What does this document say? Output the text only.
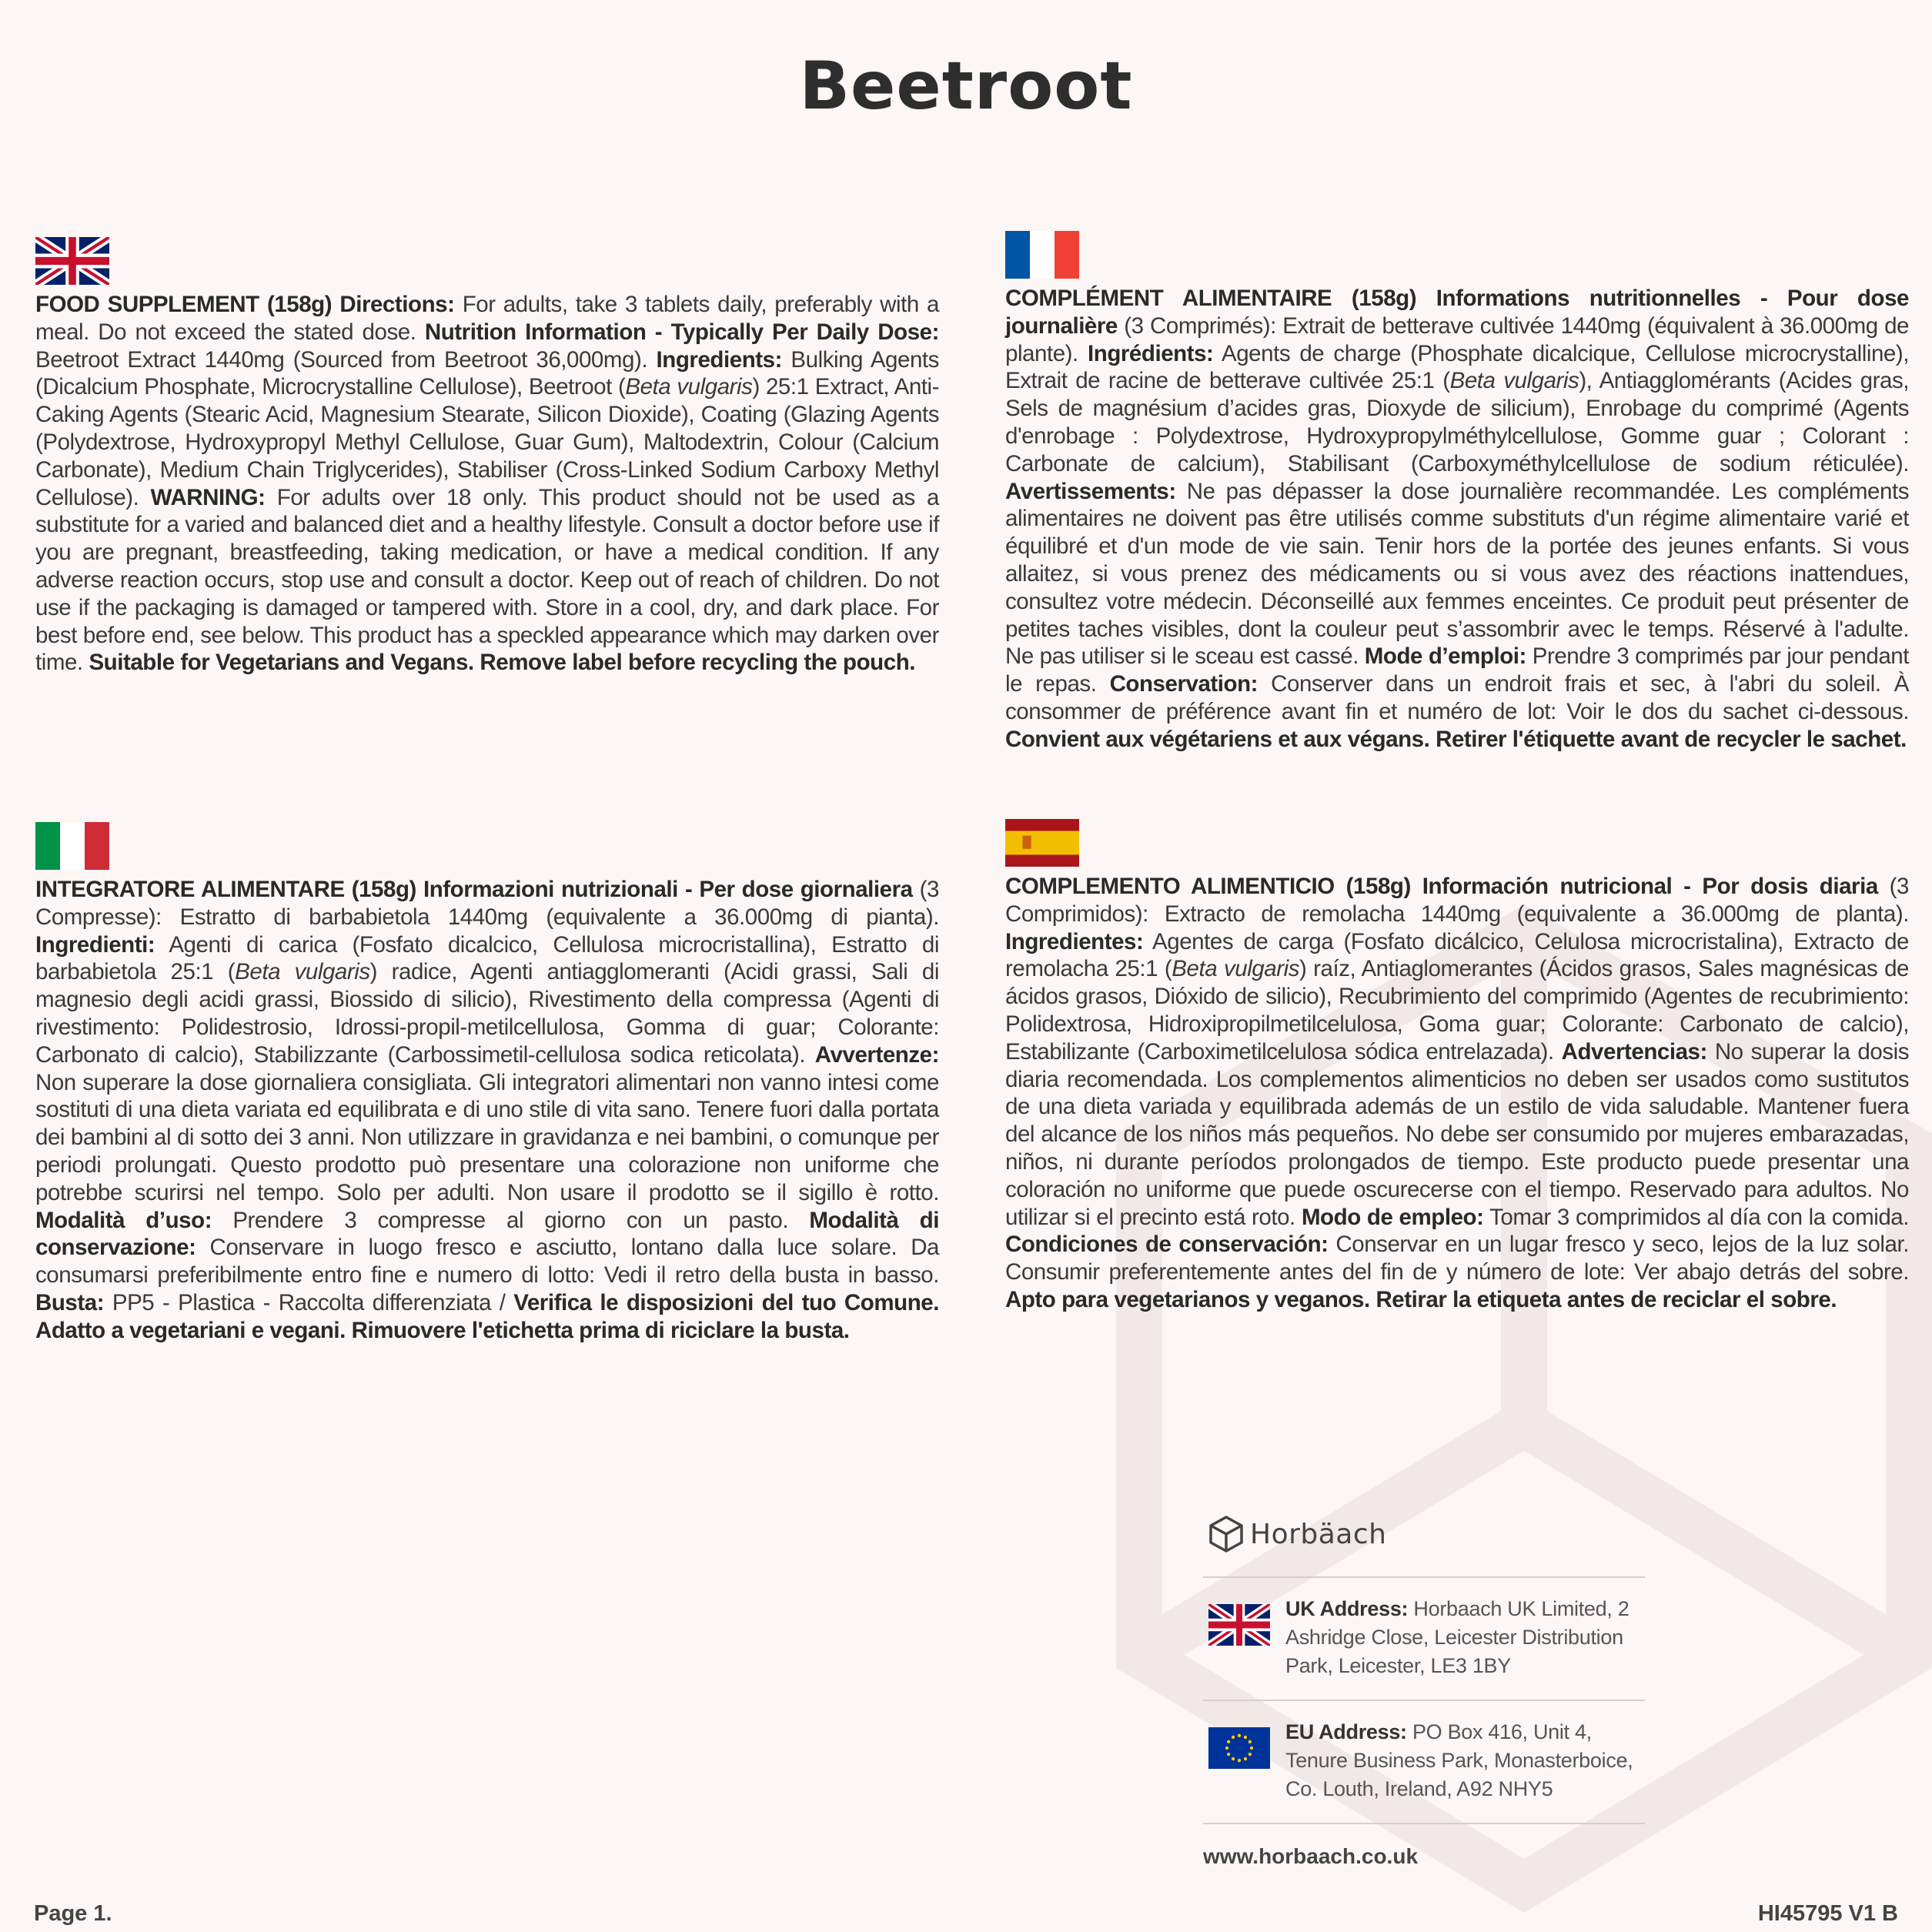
Beetroot

FOOD SUPPLEMENT (158g) Directions: For adults, take 3 tablets daily, preferably with a meal. Do not exceed the stated dose. Nutrition Information - Typically Per Daily Dose: Beetroot Extract 1440mg (Sourced from Beetroot 36,000mg). Ingredients: Bulking Agents (Dicalcium Phosphate, Microcrystalline Cellulose), Beetroot (Beta vulgaris) 25:1 Extract, Anti-Caking Agents (Stearic Acid, Magnesium Stearate, Silicon Dioxide), Coating (Glazing Agents (Polydextrose, Hydroxypropyl Methyl Cellulose, Guar Gum), Maltodextrin, Colour (Calcium Carbonate), Medium Chain Triglycerides), Stabiliser (Cross-Linked Sodium Carboxy Methyl Cellulose). WARNING: For adults over 18 only. This product should not be used as a substitute for a varied and balanced diet and a healthy lifestyle. Consult a doctor before use if you are pregnant, breastfeeding, taking medication, or have a medical condition. If any adverse reaction occurs, stop use and consult a doctor. Keep out of reach of children. Do not use if the packaging is damaged or tampered with. Store in a cool, dry, and dark place. For best before end, see below. This product has a speckled appearance which may darken over time. Suitable for Vegetarians and Vegans. Remove label before recycling the pouch.

COMPLÉMENT ALIMENTAIRE (158g) Informations nutritionnelles - Pour dose journalière (3 Comprimés): Extrait de betterave cultivée 1440mg (équivalent à 36.000mg de plante). Ingrédients: Agents de charge (Phosphate dicalcique, Cellulose microcrystalline), Extrait de racine de betterave cultivée 25:1 (Beta vulgaris), Antiagglomérants (Acides gras, Sels de magnésium d’acides gras, Dioxyde de silicium), Enrobage du comprimé (Agents d'enrobage : Polydextrose, Hydroxypropylméthylcellulose, Gomme guar ; Colorant : Carbonate de calcium), Stabilisant (Carboxyméthylcellulose de sodium réticulée). Avertissements: Ne pas dépasser la dose journalière recommandée. Les compléments alimentaires ne doivent pas être utilisés comme substituts d'un régime alimentaire varié et équilibré et d'un mode de vie sain. Tenir hors de la portée des jeunes enfants. Si vous allaitez, si vous prenez des médicaments ou si vous avez des réactions inattendues, consultez votre médecin. Déconseillé aux femmes enceintes. Ce produit peut présenter de petites taches visibles, dont la couleur peut s’assombrir avec le temps. Réservé à l'adulte. Ne pas utiliser si le sceau est cassé. Mode d’emploi: Prendre 3 comprimés par jour pendant le repas. Conservation: Conserver dans un endroit frais et sec, à l'abri du soleil. À consommer de préférence avant fin et numéro de lot: Voir le dos du sachet ci-dessous. Convient aux végétariens et aux végans. Retirer l'étiquette avant de recycler le sachet.

INTEGRATORE ALIMENTARE (158g) Informazioni nutrizionali - Per dose giornaliera (3 Compresse): Estratto di barbabietola 1440mg (equivalente a 36.000mg di pianta). Ingredienti: Agenti di carica (Fosfato dicalcico, Cellulosa microcristallina), Estratto di barbabietola 25:1 (Beta vulgaris) radice, Agenti antiagglomeranti (Acidi grassi, Sali di magnesio degli acidi grassi, Biossido di silicio), Rivestimento della compressa (Agenti di rivestimento: Polidestrosio, Idrossi-propil-metilcellulosa, Gomma di guar; Colorante: Carbonato di calcio), Stabilizzante (Carbossimetil-cellulosa sodica reticolata). Avvertenze: Non superare la dose giornaliera consigliata. Gli integratori alimentari non vanno intesi come sostituti di una dieta variata ed equilibrata e di uno stile di vita sano. Tenere fuori dalla portata dei bambini al di sotto dei 3 anni. Non utilizzare in gravidanza e nei bambini, o comunque per periodi prolungati. Questo prodotto può presentare una colorazione non uniforme che potrebbe scurirsi nel tempo. Solo per adulti. Non usare il prodotto se il sigillo è rotto. Modalità d’uso: Prendere 3 compresse al giorno con un pasto. Modalità di conservazione: Conservare in luogo fresco e asciutto, lontano dalla luce solare. Da consumarsi preferibilmente entro fine e numero di lotto: Vedi il retro della busta in basso. Busta: PP5 - Plastica - Raccolta differenziata / Verifica le disposizioni del tuo Comune. Adatto a vegetariani e vegani. Rimuovere l'etichetta prima di riciclare la busta.

COMPLEMENTO ALIMENTICIO (158g) Información nutricional - Por dosis diaria (3 Comprimidos): Extracto de remolacha 1440mg (equivalente a 36.000mg de planta). Ingredientes: Agentes de carga (Fosfato dicálcico, Celulosa microcristalina), Extracto de remolacha 25:1 (Beta vulgaris) raíz, Antiaglomerantes (Ácidos grasos, Sales magnésicas de ácidos grasos, Dióxido de silicio), Recubrimiento del comprimido (Agentes de recubrimiento: Polidextrosa, Hidroxipropilmetilcelulosa, Goma guar; Colorante: Carbonato de calcio), Estabilizante (Carboximetilcelulosa sódica entrelazada). Advertencias: No superar la dosis diaria recomendada. Los complementos alimenticios no deben ser usados como sustitutos de una dieta variada y equilibrada además de un estilo de vida saludable. Mantener fuera del alcance de los niños más pequeños. No debe ser consumido por mujeres embarazadas, niños, ni durante períodos prolongados de tiempo. Este producto puede presentar una coloración no uniforme que puede oscurecerse con el tiempo. Reservado para adultos. No utilizar si el precinto está roto. Modo de empleo: Tomar 3 comprimidos al día con la comida. Condiciones de conservación: Conservar en un lugar fresco y seco, lejos de la luz solar. Consumir preferentemente antes del fin de y número de lote: Ver abajo detrás del sobre. Apto para vegetarianos y veganos. Retirar la etiqueta antes de reciclar el sobre.

Horbäach
UK Address: Horbaach UK Limited, 2 Ashridge Close, Leicester Distribution Park, Leicester, LE3 1BY
EU Address: PO Box 416, Unit 4, Tenure Business Park, Monasterboice, Co. Louth, Ireland, A92 NHY5
www.horbaach.co.uk
Page 1.	HI45795 V1 B
